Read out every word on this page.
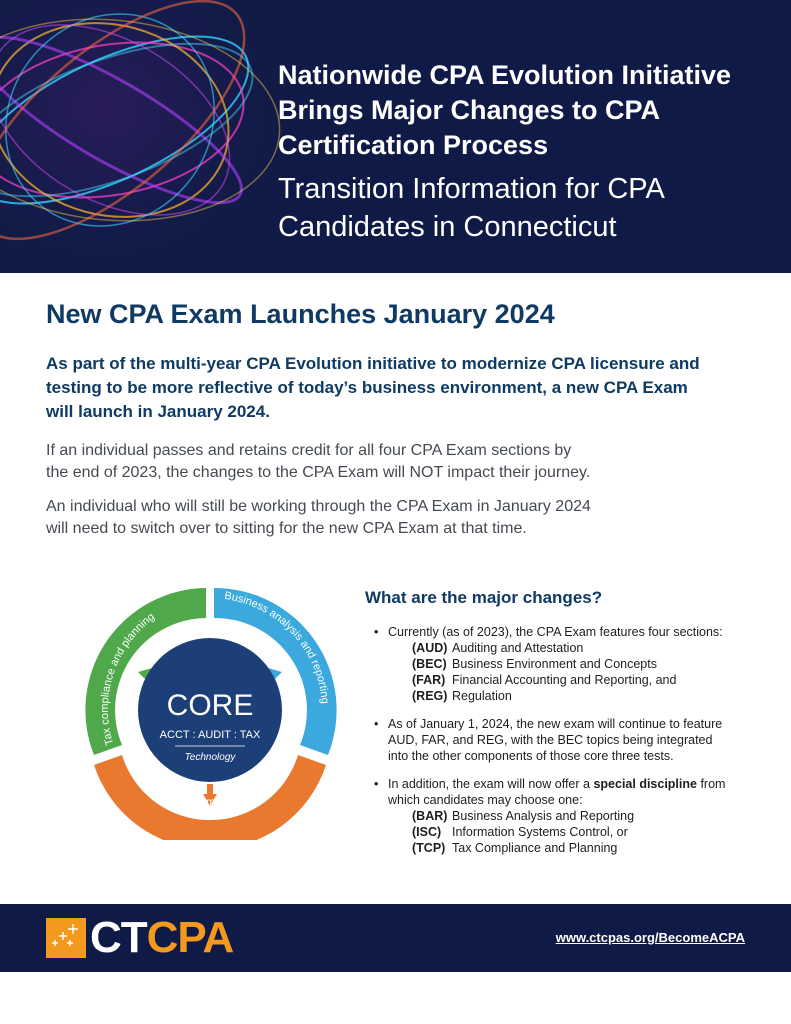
Nationwide CPA Evolution Initiative
Brings Major Changes to CPA
Certification Process

Transition Information for CPA
Candidates in Connecticut

New CPA Exam Launches January 2024

As part of the multi-year CPA Evolution initiative to modernize CPA licensure and
testing to be more reflective of today’s business environment, a new CPA Exam
will launch in January 2024.

If an individual passes and retains credit for all four CPA Exam sections by
the end of 2023, the changes to the CPA Exam will NOT impact their journey.

An individual who will still be working through the CPA Exam in January 2024
will need to switch over to sitting for the new CPA Exam at that time.

CORE
ACCT : AUDIT : TAX
Technology
Business analysis and reporting
Tax compliance and planning
Information systems and controls
What are the major changes?
• Currently (as of 2023), the CPA Exam features four sections:
(AUD) Auditing and Attestation
(BEC) Business Environment and Concepts
(FAR) Financial Accounting and Reporting, and
(REG) Regulation
• As of January 1, 2024, the new exam will continue to feature
AUD, FAR, and REG, with the BEC topics being integrated
into the other components of those core three tests.
• In addition, the exam will now offer a special discipline from
which candidates may choose one:
(BAR) Business Analysis and Reporting
(ISC) Information Systems Control, or
(TCP) Tax Compliance and Planning
CTCPA	www.ctcpas.org/BecomeACPA
